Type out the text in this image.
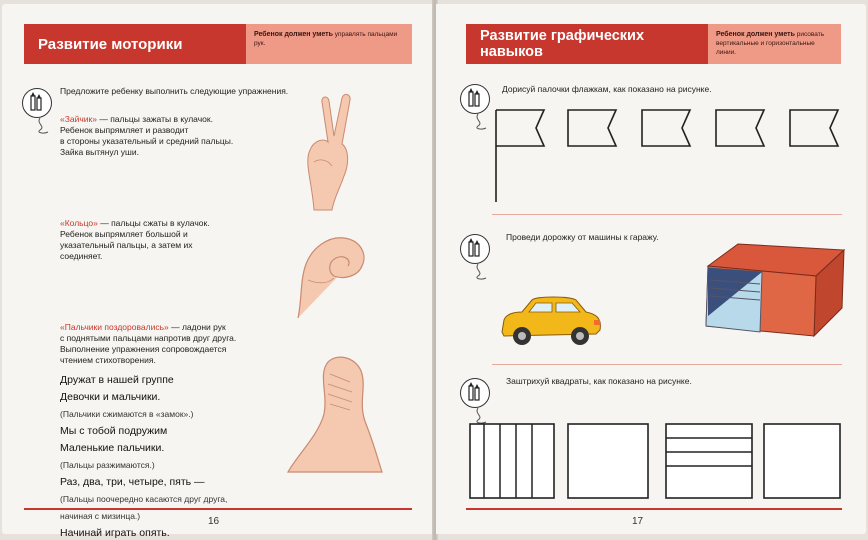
Развитие моторики
Ребенок должен уметь управлять пальцами рук.
Предложите ребенку выполнить следующие упражнения.
«Зайчик» — пальцы зажаты в кулачок.
Ребенок выпрямляет и разводит
в стороны указательный и средний пальцы.
Зайка вытянул уши.
«Кольцо» — пальцы сжаты в кулачок.
Ребенок выпрямляет большой и
указательный пальцы, а затем их
соединяет.
«Пальчики поздоровались» — ладони рук
с поднятыми пальцами напротив друг друга.
Выполнение упражнения сопровождается
чтением стихотворения.
Дружат в нашей группе
Девочки и мальчики.
(Пальчики сжимаются в «замок».)
Мы с тобой подружим
Маленькие пальчики.
(Пальцы разжимаются.)
Раз, два, три, четыре, пять —
(Пальцы поочередно касаются друг друга,
начиная с мизинца.)
Начинай играть опять.
16
Развитие графических навыков
Ребенок должен уметь рисовать вертикальные и горизонтальные линии.
Дорисуй палочки флажкам, как показано на рисунке.
Проведи дорожку от машины к гаражу.
Заштрихуй квадраты, как показано на рисунке.
17
